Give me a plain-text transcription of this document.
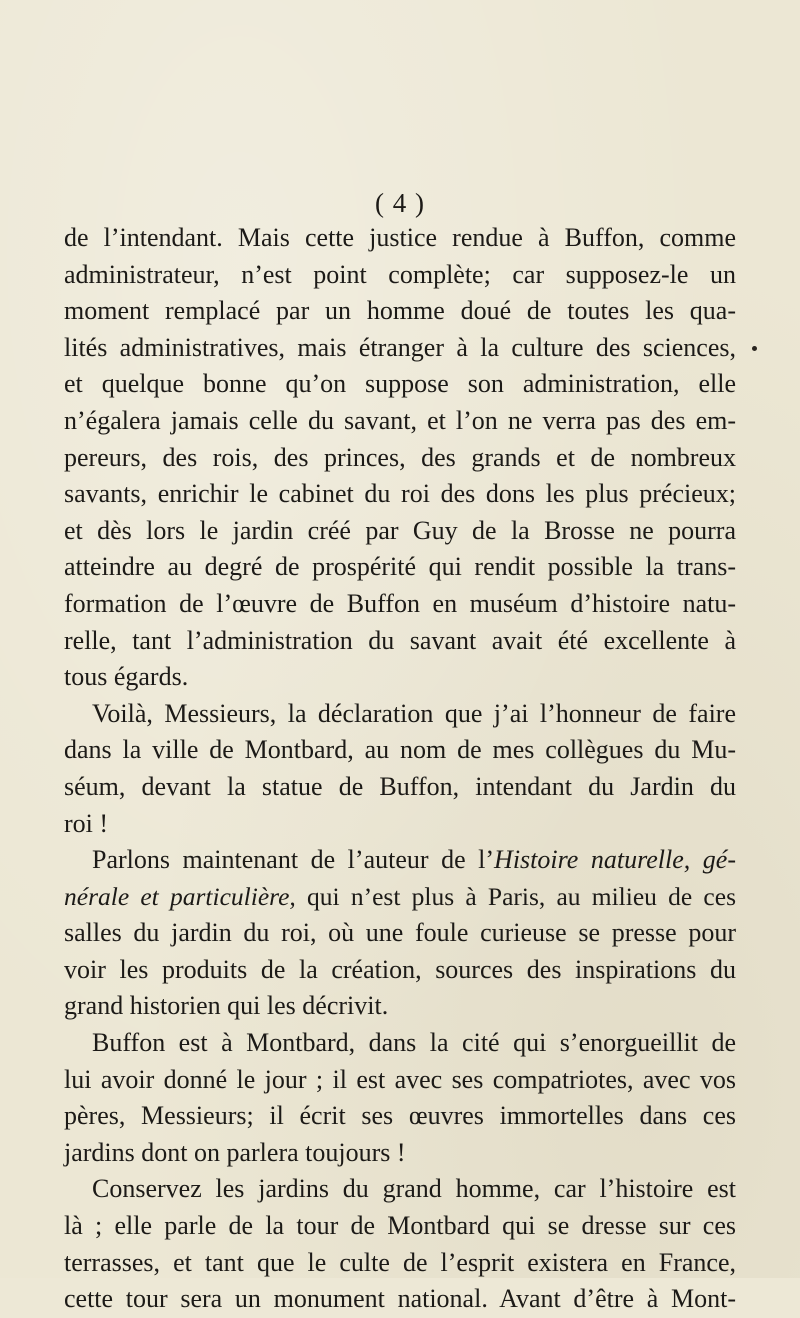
( 4 )
de l’intendant. Mais cette justice rendue à Buffon, comme
administrateur, n’est point complète; car supposez-le un
moment remplacé par un homme doué de toutes les qua-
lités administratives, mais étranger à la culture des sciences,
et quelque bonne qu’on suppose son administration, elle
n’égalera jamais celle du savant, et l’on ne verra pas des em-
pereurs, des rois, des princes, des grands et de nombreux
savants, enrichir le cabinet du roi des dons les plus précieux;
et dès lors le jardin créé par Guy de la Brosse ne pourra
atteindre au degré de prospérité qui rendit possible la trans-
formation de l’œuvre de Buffon en muséum d’histoire natu-
relle, tant l’administration du savant avait été excellente à
tous égards.
Voilà, Messieurs, la déclaration que j’ai l’honneur de faire
dans la ville de Montbard, au nom de mes collègues du Mu-
séum, devant la statue de Buffon, intendant du Jardin du
roi !
Parlons maintenant de l’auteur de l’Histoire naturelle, gé-
nérale et particulière, qui n’est plus à Paris, au milieu de ces
salles du jardin du roi, où une foule curieuse se presse pour
voir les produits de la création, sources des inspirations du
grand historien qui les décrivit.
Buffon est à Montbard, dans la cité qui s’enorgueillit de
lui avoir donné le jour ; il est avec ses compatriotes, avec vos
pères, Messieurs; il écrit ses œuvres immortelles dans ces
jardins dont on parlera toujours !
Conservez les jardins du grand homme, car l’histoire est
là ; elle parle de la tour de Montbard qui se dresse sur ces
terrasses, et tant que le culte de l’esprit existera en France,
cette tour sera un monument national. Avant d’être à Mont-
